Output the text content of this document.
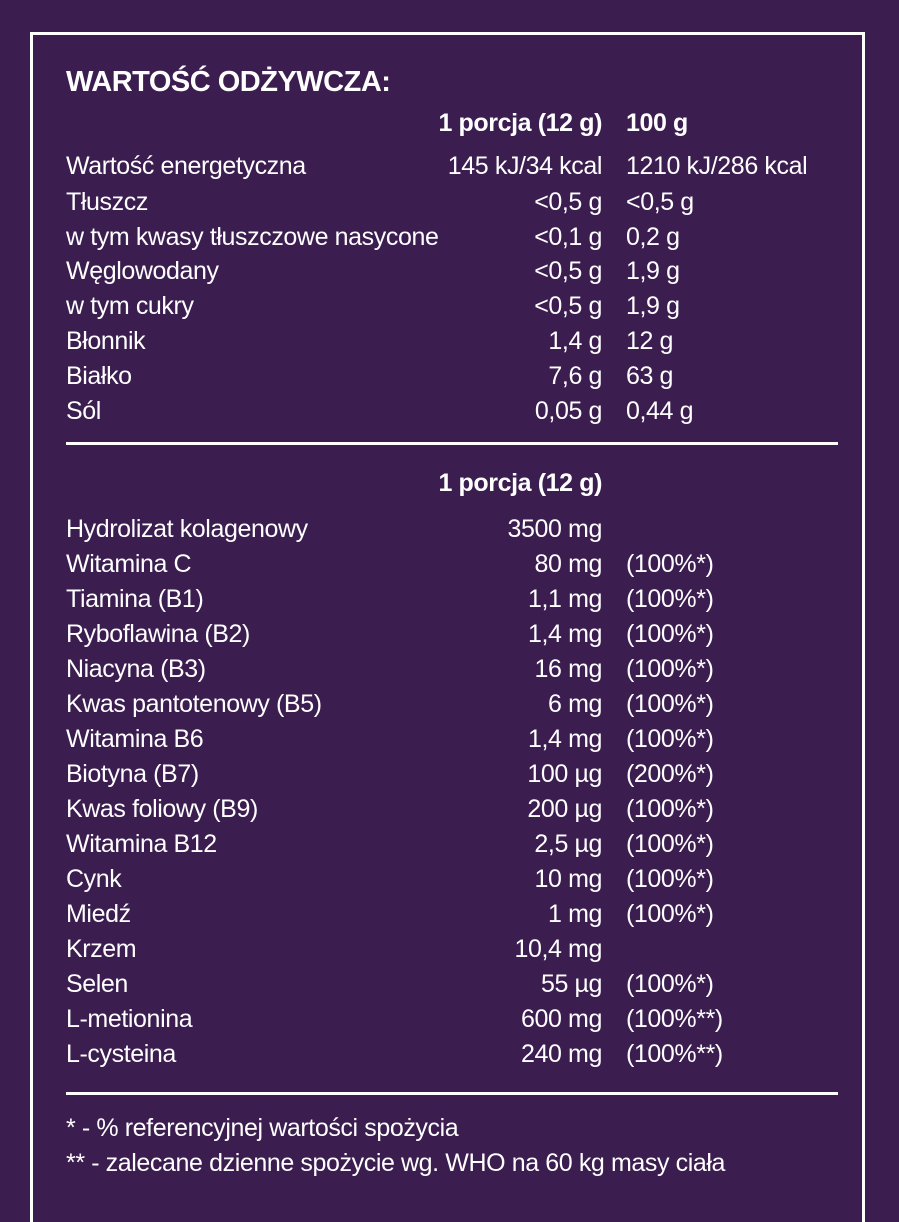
WARTOŚĆ ODŻYWCZA:
1 porcja (12 g) 100 g
Wartość energetyczna	145 kJ/34 kcal 1210 kJ/286 kcal
Tłuszcz	<0,5 g <0,5 g
w tym kwasy tłuszczowe nasycone	<0,1 g 0,2 g
Węglowodany	<0,5 g 1,9 g
w tym cukry	<0,5 g 1,9 g
Błonnik	1,4 g 12 g
Białko	7,6 g 63 g
Sól	0,05 g 0,44 g
1 porcja (12 g)
Hydrolizat kolagenowy	3500 mg
Witamina C	80 mg (100%*)
Tiamina (B1)	1,1 mg (100%*)
Ryboflawina (B2)	1,4 mg (100%*)
Niacyna (B3)	16 mg (100%*)
Kwas pantotenowy (B5)	6 mg (100%*)
Witamina B6	1,4 mg (100%*)
Biotyna (B7)	100 µg (200%*)
Kwas foliowy (B9)	200 µg (100%*)
Witamina B12	2,5 µg (100%*)
Cynk	10 mg (100%*)
Miedź	1 mg (100%*)
Krzem	10,4 mg
Selen	55 µg (100%*)
L-metionina	600 mg (100%**)
L-cysteina	240 mg (100%**)
* - % referencyjnej wartości spożycia
** - zalecane dzienne spożycie wg. WHO na 60 kg masy ciała
